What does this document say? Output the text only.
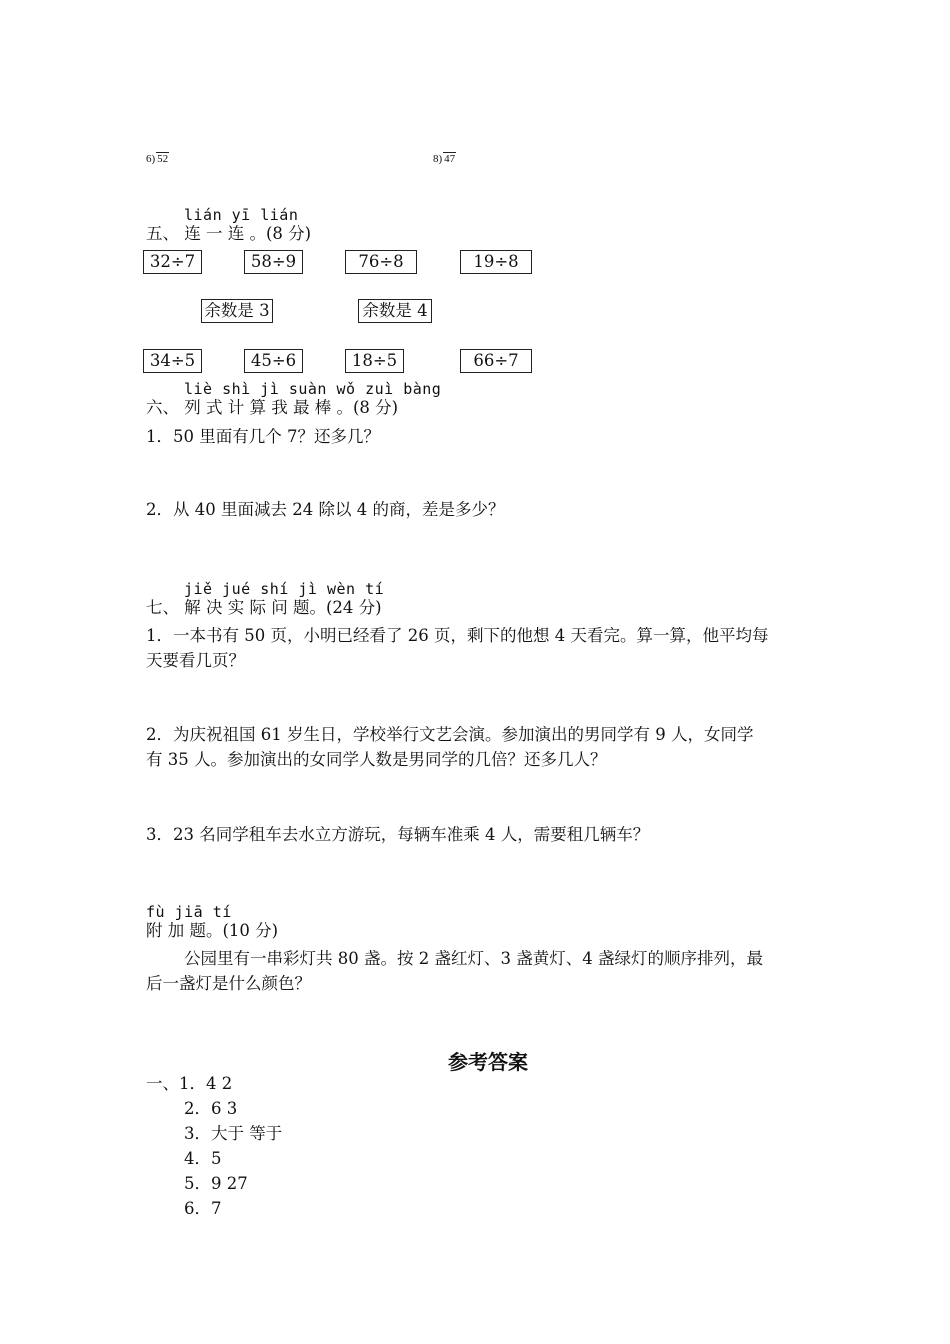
6) 52	8) 47
lián yī lián
五、 连 一 连 。(8 分)
32÷7	58÷9	76÷8	19÷8
余数是 3	余数是 4
34÷5	45÷6	18÷5	66÷7
liè shì jì suàn wǒ zuì bàng
六、 列 式 计 算 我 最 棒 。(8 分)
1．50 里面有几个 7？还多几？
2．从 40 里面减去 24 除以 4 的商，差是多少？
jiě jué shí jì wèn tí
七、 解 决 实 际 问 题。(24 分)
1．一本书有 50 页，小明已经看了 26 页，剩下的他想 4 天看完。算一算，他平均每
天要看几页？
2．为庆祝祖国 61 岁生日，学校举行文艺会演。参加演出的男同学有 9 人，女同学
有 35 人。参加演出的女同学人数是男同学的几倍？还多几人？
3．23 名同学租车去水立方游玩，每辆车准乘 4 人，需要租几辆车？
fù jiā tí
附 加 题。(10 分)
公园里有一串彩灯共 80 盏。按 2 盏红灯、3 盏黄灯、4 盏绿灯的顺序排列，最
后一盏灯是什么颜色？
参考答案
一、1．4 2
2．6 3
3．大于 等于
4．5
5．9 27
6．7
